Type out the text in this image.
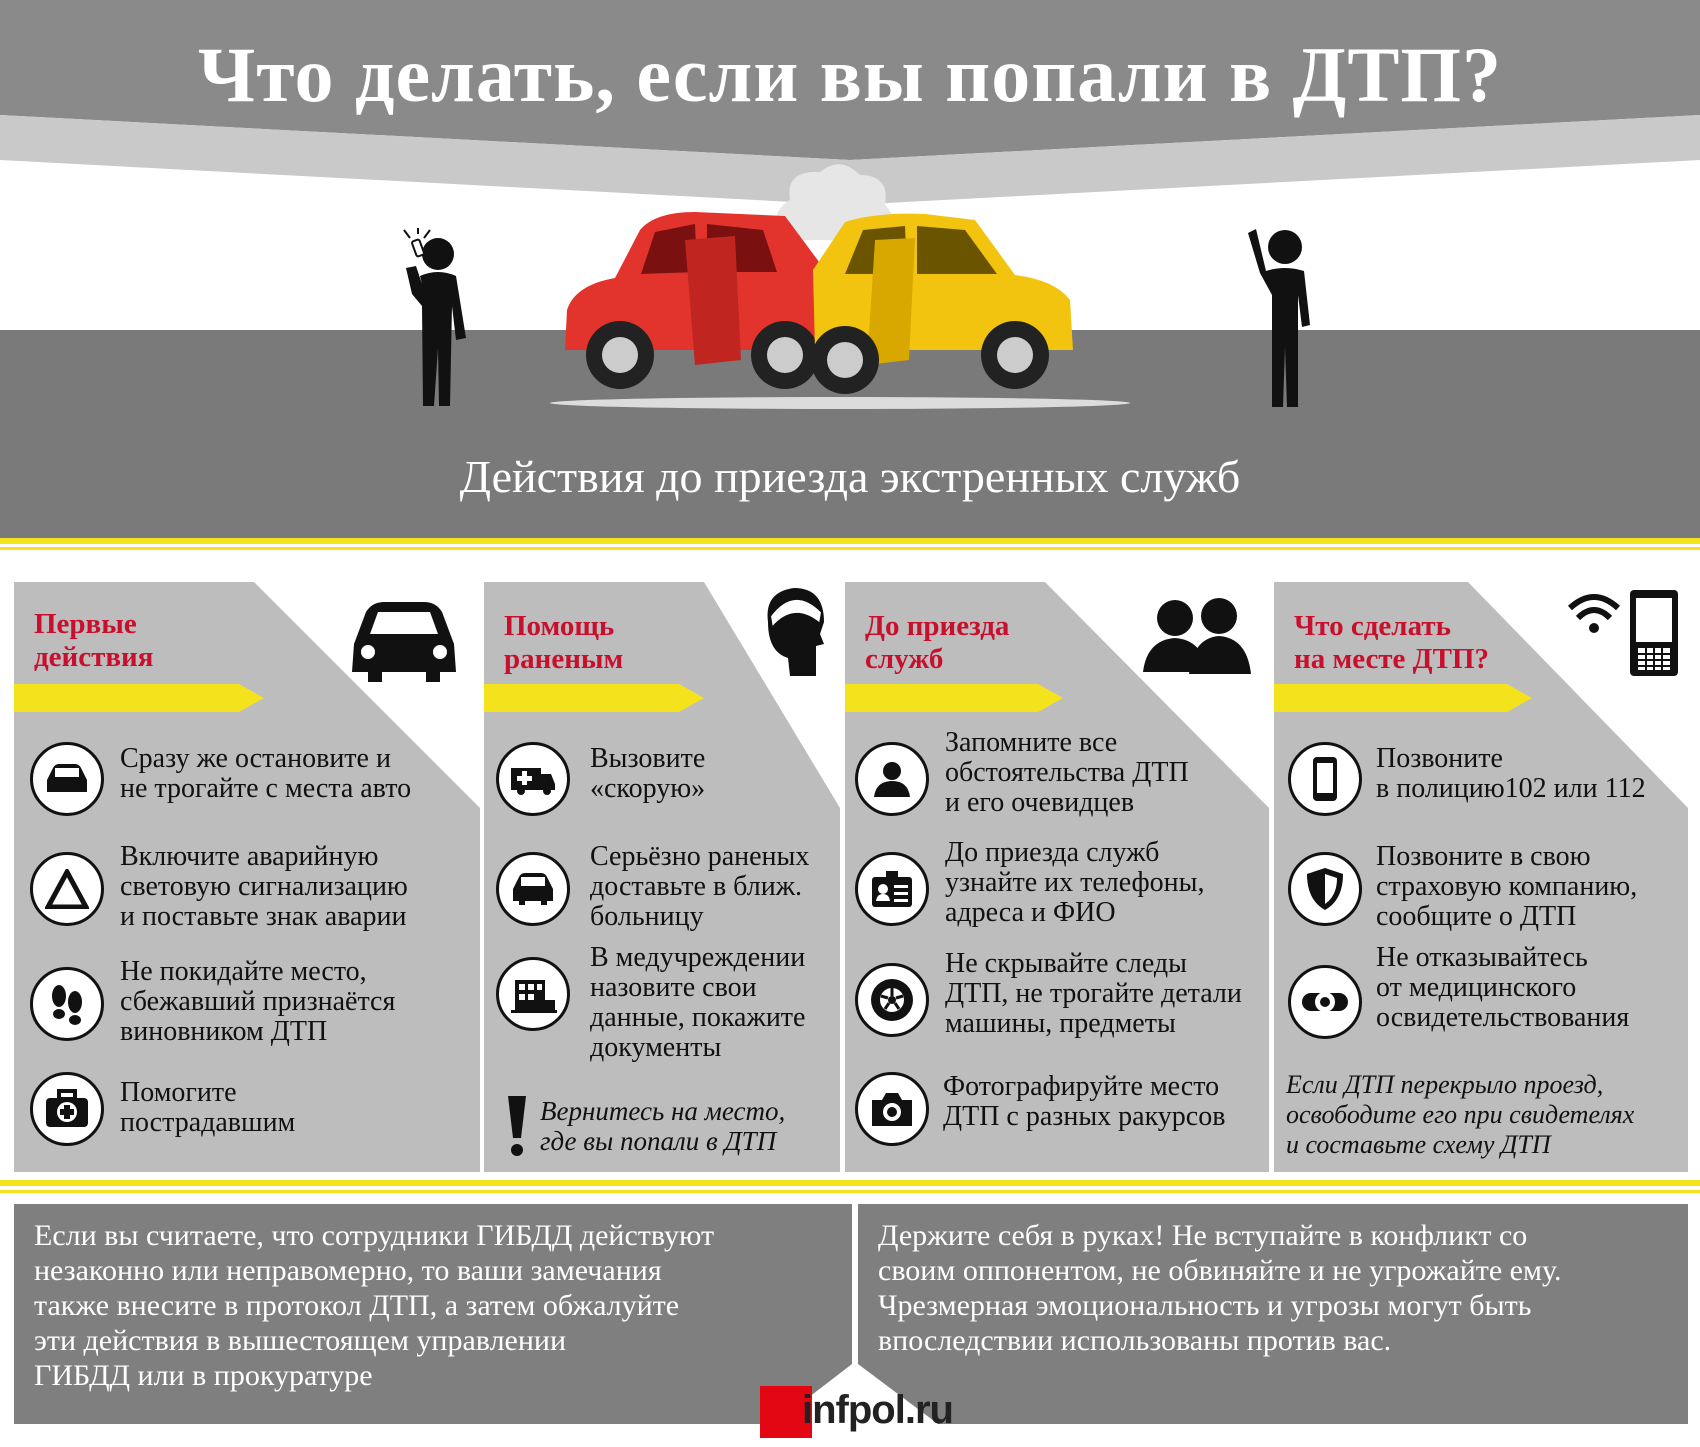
Что делать, если вы попали в ДТП?
Действия до приезда экстренных служб
Первые
действия
Сразу же остановите и
не трогайте с места авто
Включите аварийную
световую сигнализацию
и поставьте знак аварии
Не покидайте место,
сбежавший признаётся
виновником ДТП
Помогите
пострадавшим
Помощь
раненым
Вызовите
«скорую»
Серьёзно раненых
доставьте в ближ.
больницу
В медучреждении
назовите свои
данные, покажите
документы
Вернитесь на место,
где вы попали в ДТП
До приезда
служб
Запомните все
обстоятельства ДТП
и его очевидцев
До приезда служб
узнайте их телефоны,
адреса и ФИО
Не скрывайте следы
ДТП, не трогайте детали
машины, предметы
Фотографируйте место
ДТП с разных ракурсов
Что сделать
на месте ДТП?
Позвоните
в полицию102 или 112
Позвоните в свою
страховую компанию,
сообщите о ДТП
Не отказывайтесь
от медицинского
освидетельствования
Если ДТП перекрыло проезд,
освободите его при свидетелях
и составьте схему ДТП
Если вы считаете, что сотрудники ГИБДД действуют
незаконно или неправомерно, то ваши замечания
также внесите в протокол ДТП, а затем обжалуйте
эти действия в вышестоящем управлении
ГИБДД или в прокуратуре
Держите себя в руках! Не вступайте в конфликт со
своим оппонентом, не обвиняйте и не угрожайте ему.
Чрезмерная эмоциональность и угрозы могут быть
впоследствии использованы против вас.
infpol.ru
